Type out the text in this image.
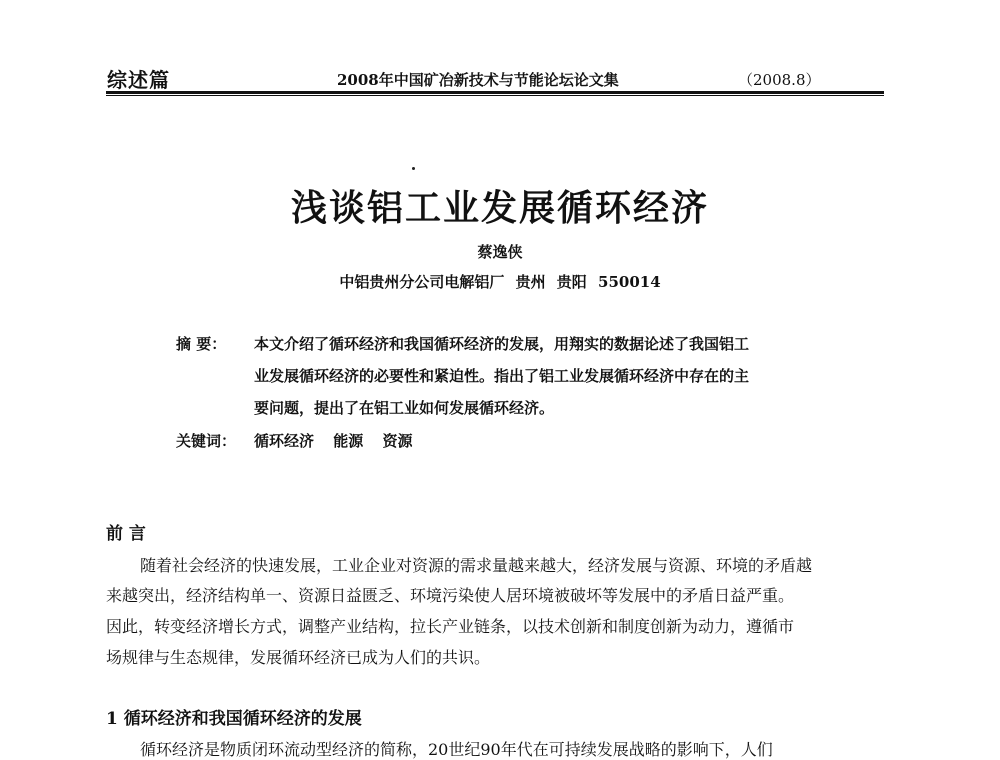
综述篇	2008年中国矿冶新技术与节能论坛论文集	（2008.8）
浅谈铝工业发展循环经济
蔡逸侠
中铝贵州分公司电解铝厂 贵州 贵阳 550014
摘 要： 本文介绍了循环经济和我国循环经济的发展，用翔实的数据论述了我国铝工
业发展循环经济的必要性和紧迫性。指出了铝工业发展循环经济中存在的主
要问题，提出了在铝工业如何发展循环经济。
关键词： 循环经济 能源 资源
前 言
随着社会经济的快速发展，工业企业对资源的需求量越来越大，经济发展与资源、环境的矛盾越
来越突出，经济结构单一、资源日益匮乏、环境污染使人居环境被破坏等发展中的矛盾日益严重。
因此，转变经济增长方式，调整产业结构，拉长产业链条，以技术创新和制度创新为动力，遵循市
场规律与生态规律，发展循环经济已成为人们的共识。
1 循环经济和我国循环经济的发展
循环经济是物质闭环流动型经济的简称，20世纪90年代在可持续发展战略的影响下，人们
